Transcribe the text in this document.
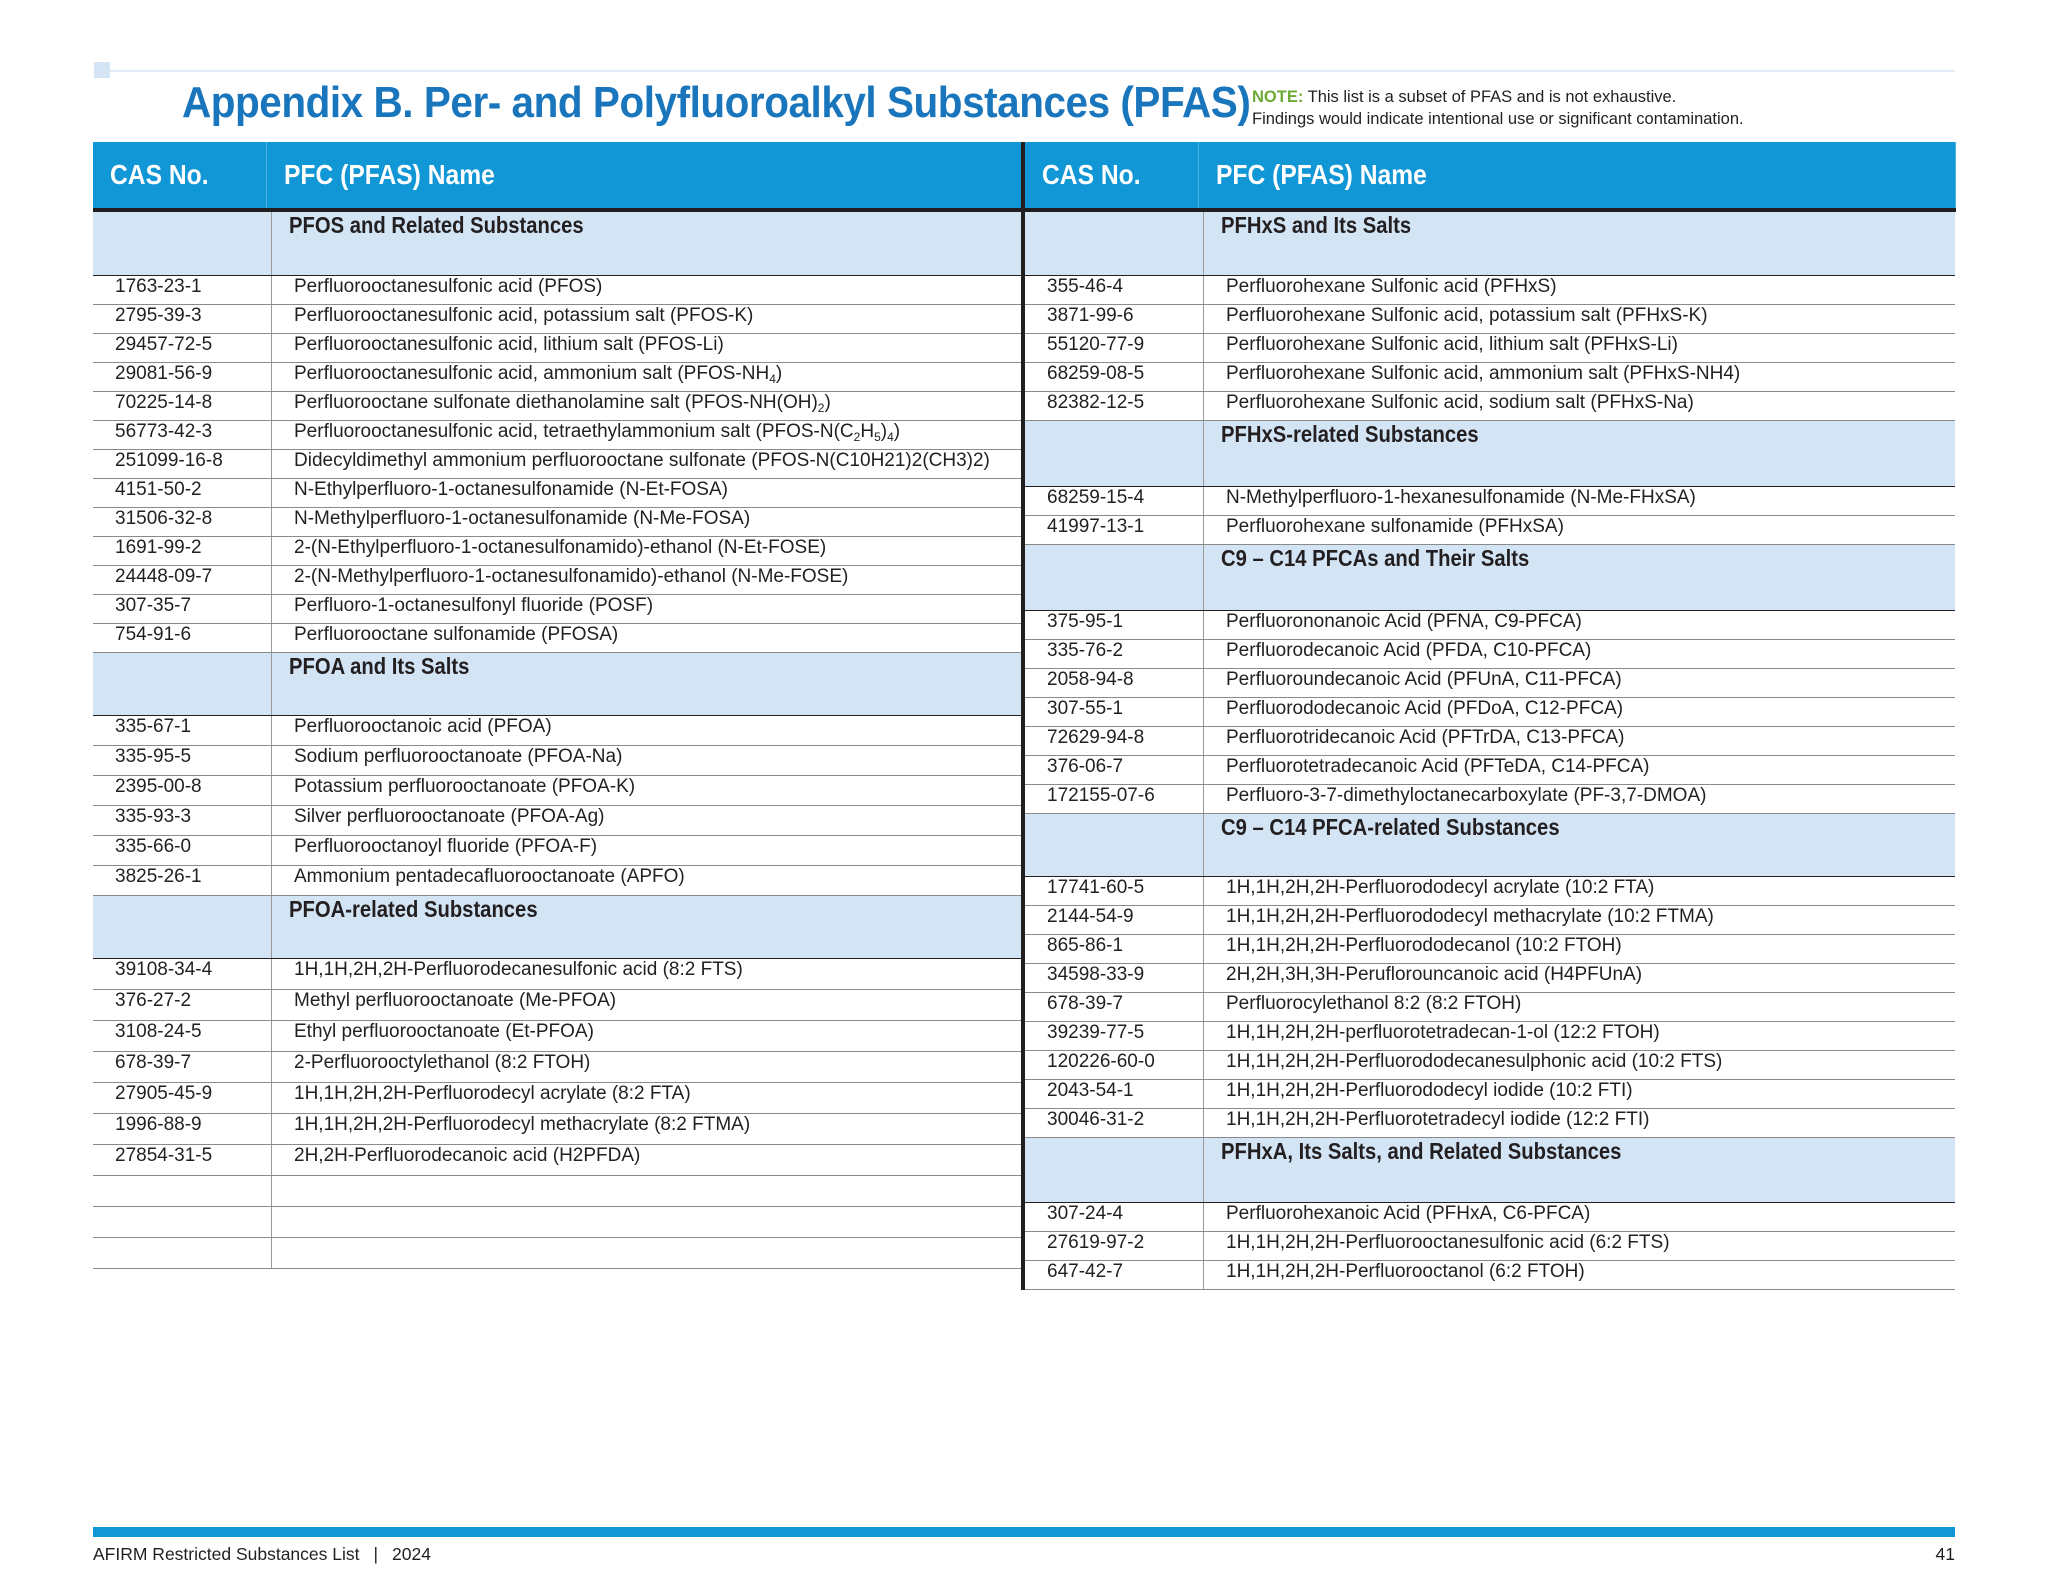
Appendix B. Per- and Polyfluoroalkyl Substances (PFAS) NOTE: This list is a subset of PFAS and is not exhaustive.
Findings would indicate intentional use or significant contamination.
CAS No.	PFC (PFAS) Name	CAS No.	PFC (PFAS) Name

	PFOS and Related Substances
1763-23-1	Perfluorooctanesulfonic acid (PFOS)
2795-39-3	Perfluorooctanesulfonic acid, potassium salt (PFOS-K)
29457-72-5	Perfluorooctanesulfonic acid, lithium salt (PFOS-Li)
29081-56-9	Perfluorooctanesulfonic acid, ammonium salt $(PFOS-NH_4)$
70225-14-8	Perfluorooctane sulfonate diethanolamine salt $(PFOS-NH(OH)_2)$
56773-42-3	Perfluorooctanesulfonic acid, tetraethylammonium salt $(PFOS-N(C_2H_5)_4)$
251099-16-8	Didecyldimethyl ammonium perfluorooctane sulfonate (PFOS-N(C10H21)2(CH3)2)
4151-50-2	N-Ethylperfluoro-1-octanesulfonamide (N-Et-FOSA)
31506-32-8	N-Methylperfluoro-1-octanesulfonamide (N-Me-FOSA)
1691-99-2	2-(N-Ethylperfluoro-1-octanesulfonamido)-ethanol (N-Et-FOSE)
24448-09-7	2-(N-Methylperfluoro-1-octanesulfonamido)-ethanol (N-Me-FOSE)
307-35-7	Perfluoro-1-octanesulfonyl fluoride (POSF)
754-91-6	Perfluorooctane sulfonamide (PFOSA)
	PFOA and Its Salts
335-67-1	Perfluorooctanoic acid (PFOA)
335-95-5	Sodium perfluorooctanoate (PFOA-Na)
2395-00-8	Potassium perfluorooctanoate (PFOA-K)
335-93-3	Silver perfluorooctanoate (PFOA-Ag)
335-66-0	Perfluorooctanoyl fluoride (PFOA-F)
3825-26-1	Ammonium pentadecafluorooctanoate (APFO)
	PFOA-related Substances
39108-34-4	1H,1H,2H,2H-Perfluorodecanesulfonic acid (8:2 FTS)
376-27-2	Methyl perfluorooctanoate (Me-PFOA)
3108-24-5	Ethyl perfluorooctanoate (Et-PFOA)
678-39-7	2-Perfluorooctylethanol (8:2 FTOH)
27905-45-9	1H,1H,2H,2H-Perfluorodecyl acrylate (8:2 FTA)
1996-88-9	1H,1H,2H,2H-Perfluorodecyl methacrylate (8:2 FTMA)
27854-31-5	2H,2H-Perfluorodecanoic acid (H2PFDA)

	PFHxS and Its Salts
355-46-4	Perfluorohexane Sulfonic acid (PFHxS)
3871-99-6	Perfluorohexane Sulfonic acid, potassium salt (PFHxS-K)
55120-77-9	Perfluorohexane Sulfonic acid, lithium salt (PFHxS-Li)
68259-08-5	Perfluorohexane Sulfonic acid, ammonium salt (PFHxS-NH4)
82382-12-5	Perfluorohexane Sulfonic acid, sodium salt (PFHxS-Na)
	PFHxS-related Substances
68259-15-4	N-Methylperfluoro-1-hexanesulfonamide (N-Me-FHxSA)
41997-13-1	Perfluorohexane sulfonamide (PFHxSA)
	C9 – C14 PFCAs and Their Salts
375-95-1	Perfluorononanoic Acid (PFNA, C9-PFCA)
335-76-2	Perfluorodecanoic Acid (PFDA, C10-PFCA)
2058-94-8	Perfluoroundecanoic Acid (PFUnA, C11-PFCA)
307-55-1	Perfluorododecanoic Acid (PFDoA, C12-PFCA)
72629-94-8	Perfluorotridecanoic Acid (PFTrDA, C13-PFCA)
376-06-7	Perfluorotetradecanoic Acid (PFTeDA, C14-PFCA)
172155-07-6	Perfluoro-3-7-dimethyloctanecarboxylate (PF-3,7-DMOA)
	C9 – C14 PFCA-related Substances
17741-60-5	1H,1H,2H,2H-Perfluorododecyl acrylate (10:2 FTA)
2144-54-9	1H,1H,2H,2H-Perfluorododecyl methacrylate (10:2 FTMA)
865-86-1	1H,1H,2H,2H-Perfluorododecanol (10:2 FTOH)
34598-33-9	2H,2H,3H,3H-Peruflorouncanoic acid (H4PFUnA)
678-39-7	Perfluorocylethanol 8:2 (8:2 FTOH)
39239-77-5	1H,1H,2H,2H-perfluorotetradecan-1-ol (12:2 FTOH)
120226-60-0	1H,1H,2H,2H-Perfluorododecanesulphonic acid (10:2 FTS)
2043-54-1	1H,1H,2H,2H-Perfluorododecyl iodide (10:2 FTI)
30046-31-2	1H,1H,2H,2H-Perfluorotetradecyl iodide (12:2 FTI)
	PFHxA, Its Salts, and Related Substances
307-24-4	Perfluorohexanoic Acid (PFHxA, C6-PFCA)
27619-97-2	1H,1H,2H,2H-Perfluorooctanesulfonic acid (6:2 FTS)
647-42-7	1H,1H,2H,2H-Perfluorooctanol (6:2 FTOH)
AFIRM Restricted Substances List | 2024	41
